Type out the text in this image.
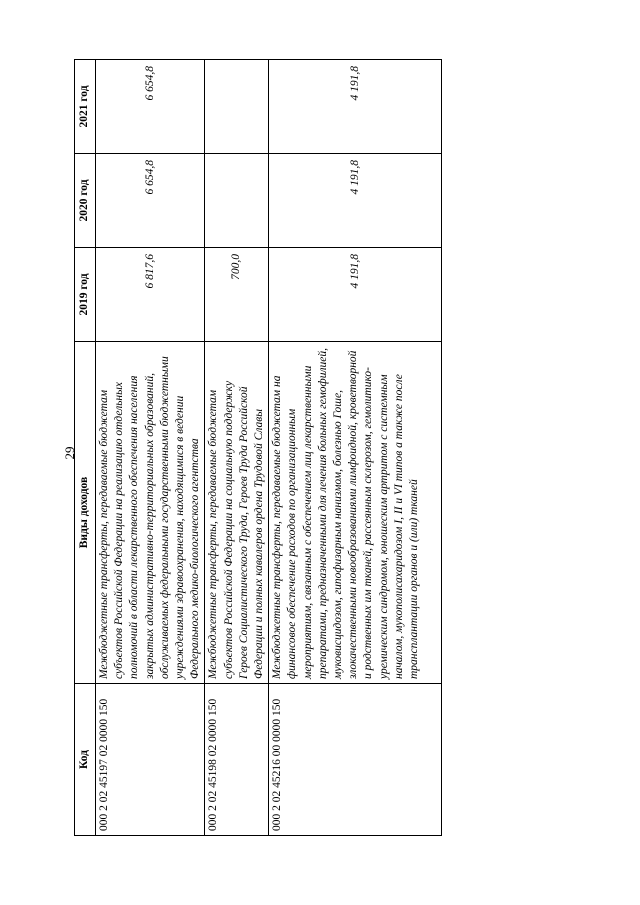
29
Код	Виды доходов	2019 год	2020 год	2021 год
000 2 02 45197 02 0000 150	Межбюджетные трансферты, передаваемые бюджетам субъектов Российской Федерации на реализацию отдельных полномочий в области лекарственного обеспечения населения закрытых административно-территориальных образований, обслуживаемых федеральными государственными бюджетными учреждениями здравоохранения, находящимися в ведении Федерального медико-биологического агентства	6 817,6	6 654,8	6 654,8
000 2 02 45198 02 0000 150	Межбюджетные трансферты, передаваемые бюджетам субъектов Российской Федерации на социальную поддержку Героев Социалистического Труда, Героев Труда Российской Федерации и полных кавалеров ордена Трудовой Славы	700,0		
000 2 02 45216 00 0000 150	Межбюджетные трансферты, передаваемые бюджетам на финансовое обеспечение расходов по организационным мероприятиям, связанным с обеспечением лиц лекарственными препаратами, предназначенными для лечения больных гемофилией, муковисцидозом, гипофизарным нанизмом, болезнью Гоше, злокачественными новообразованиями лимфоидной, кроветворной и родственных им тканей, рассеянным склерозом, гемолитико-уремическим синдромом, юношеским артритом с системным началом, мукополисахаридозом I, II и VI типов а также после трансплантации органов и (или) тканей	4 191,8	4 191,8	4 191,8
